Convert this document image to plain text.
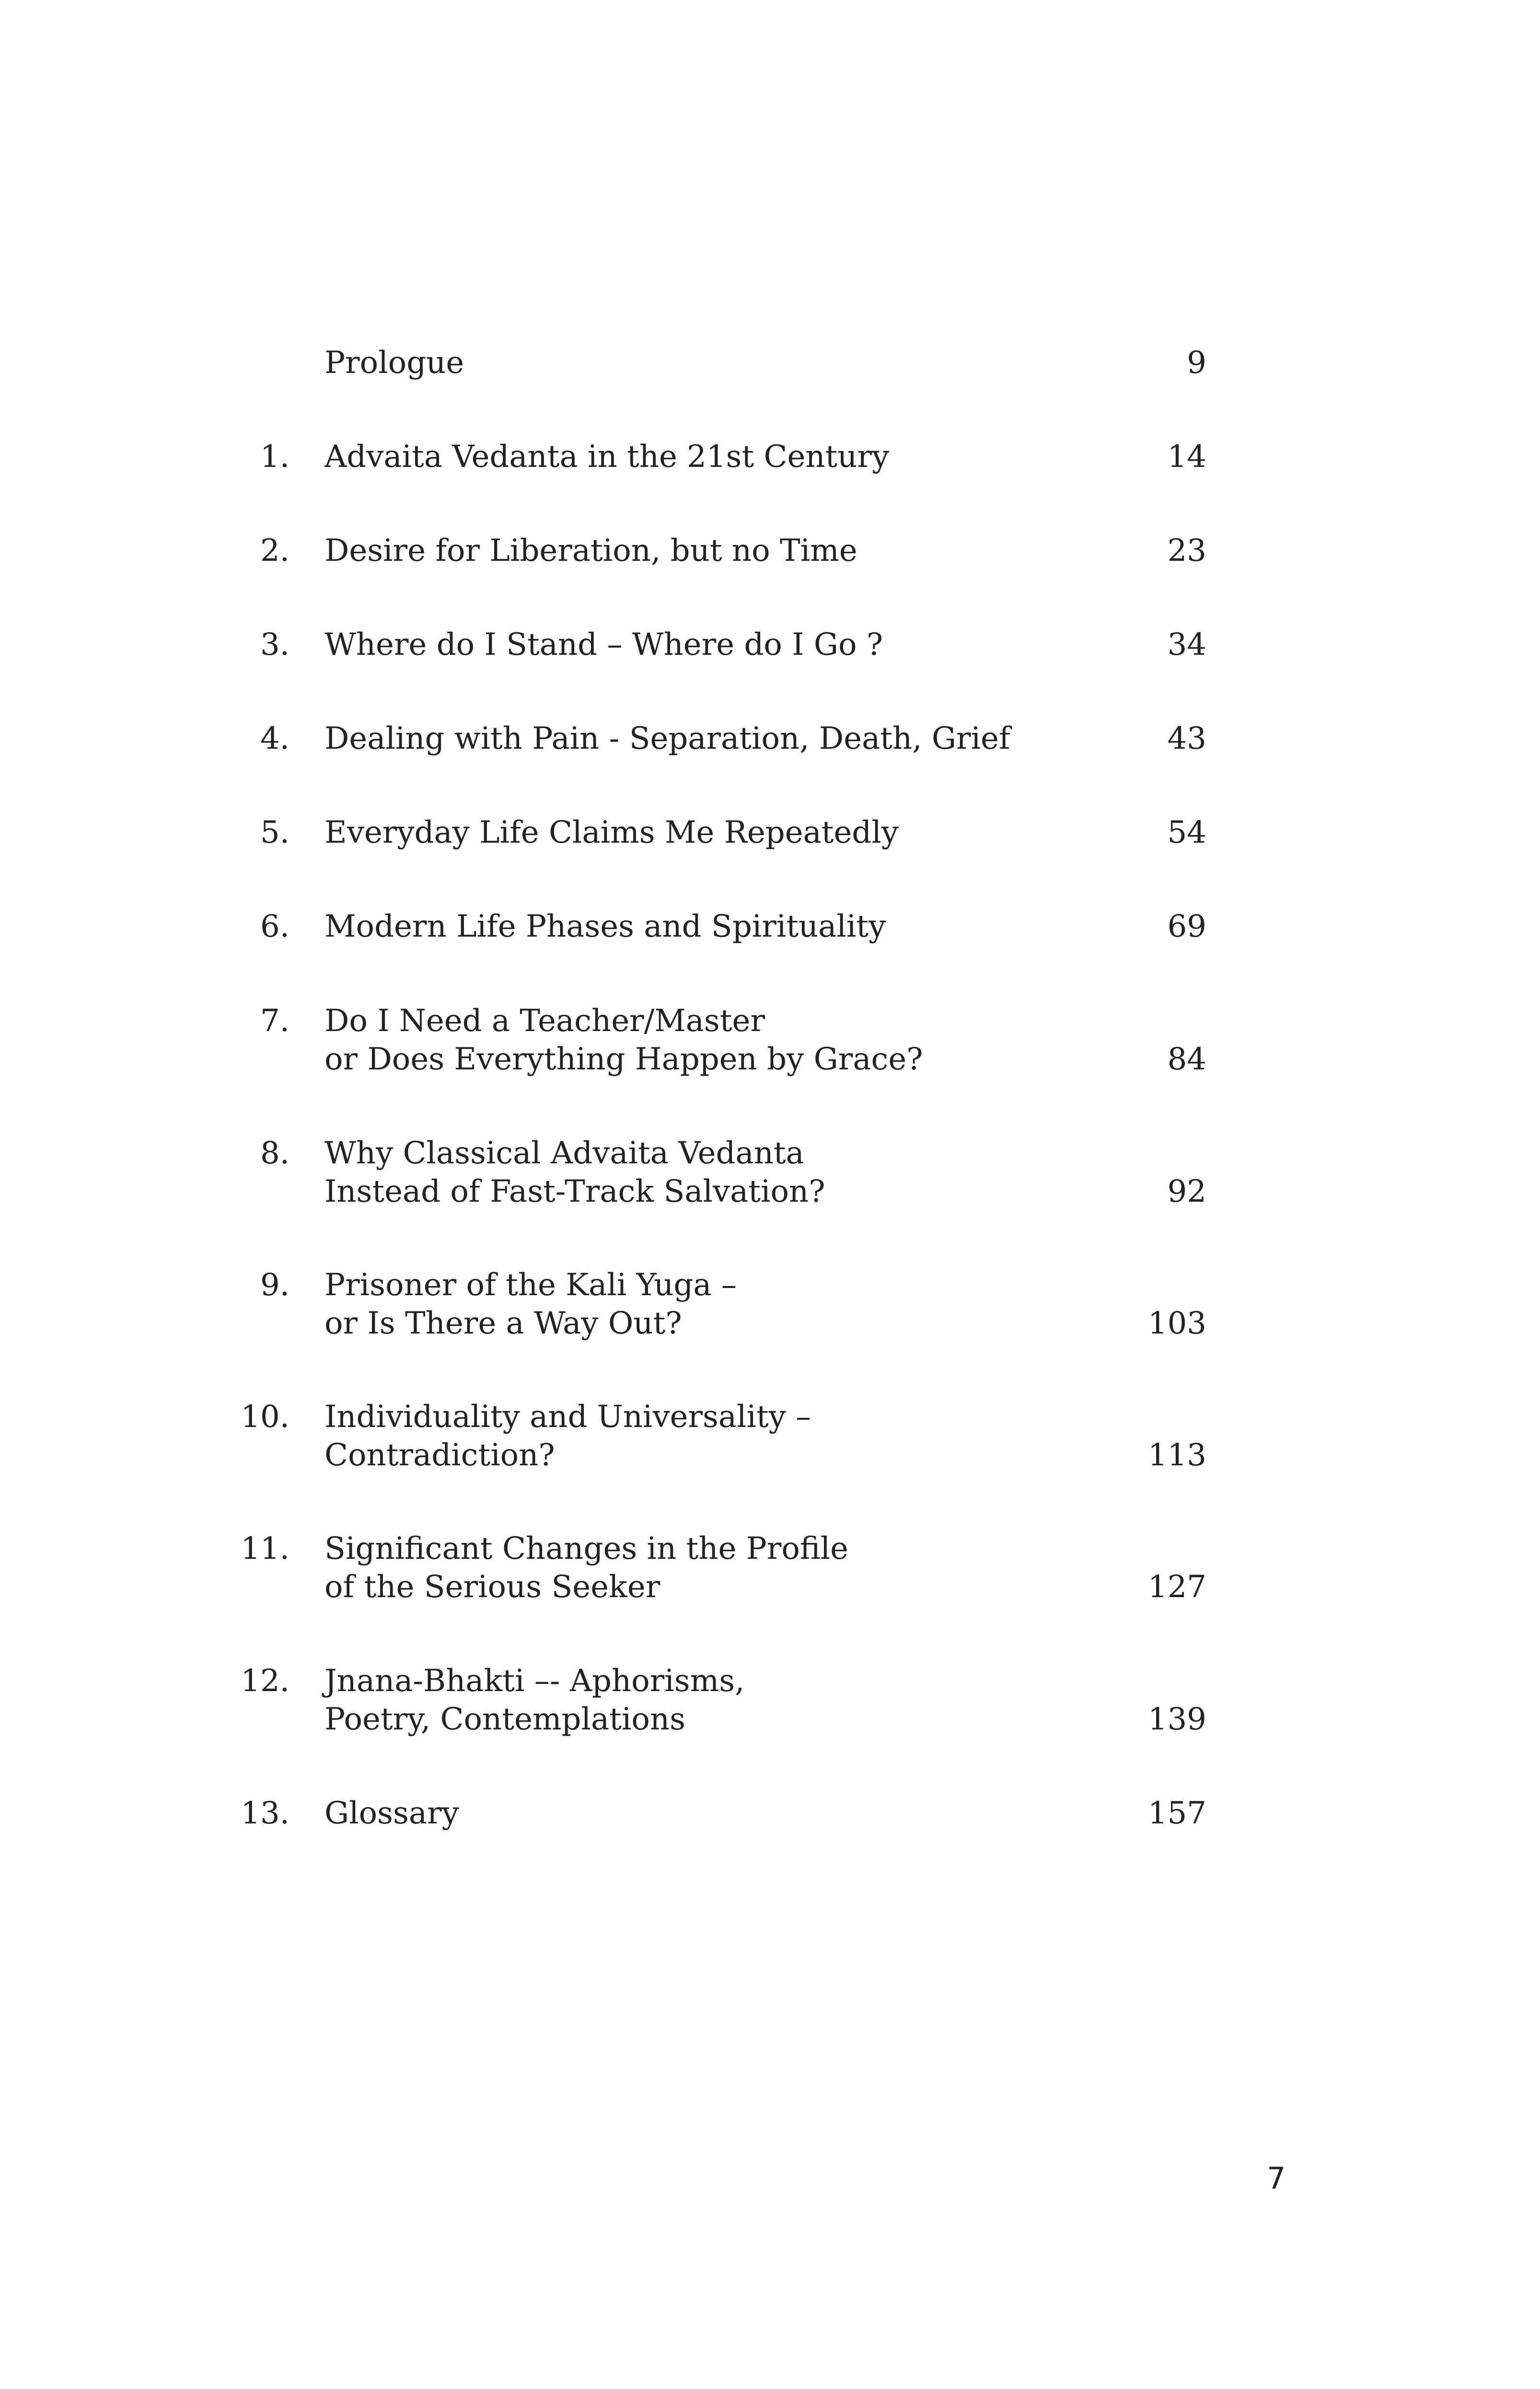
Prologue	9
1. Advaita Vedanta in the 21st Century	14
2. Desire for Liberation, but no Time	23
3. Where do I Stand – Where do I Go ?	34
4. Dealing with Pain - Separation, Death, Grief	43
5. Everyday Life Claims Me Repeatedly	54
6. Modern Life Phases and Spirituality	69
7. Do I Need a Teacher/Master
or Does Everything Happen by Grace?	84
8. Why Classical Advaita Vedanta
Instead of Fast-Track Salvation?	92
9. Prisoner of the Kali Yuga –
or Is There a Way Out?	103
10. Individuality and Universality –
Contradiction?	113
11. Significant Changes in the Profile
of the Serious Seeker	127
12. Jnana-Bhakti –- Aphorisms,
Poetry, Contemplations	139
13. Glossary	157
7
